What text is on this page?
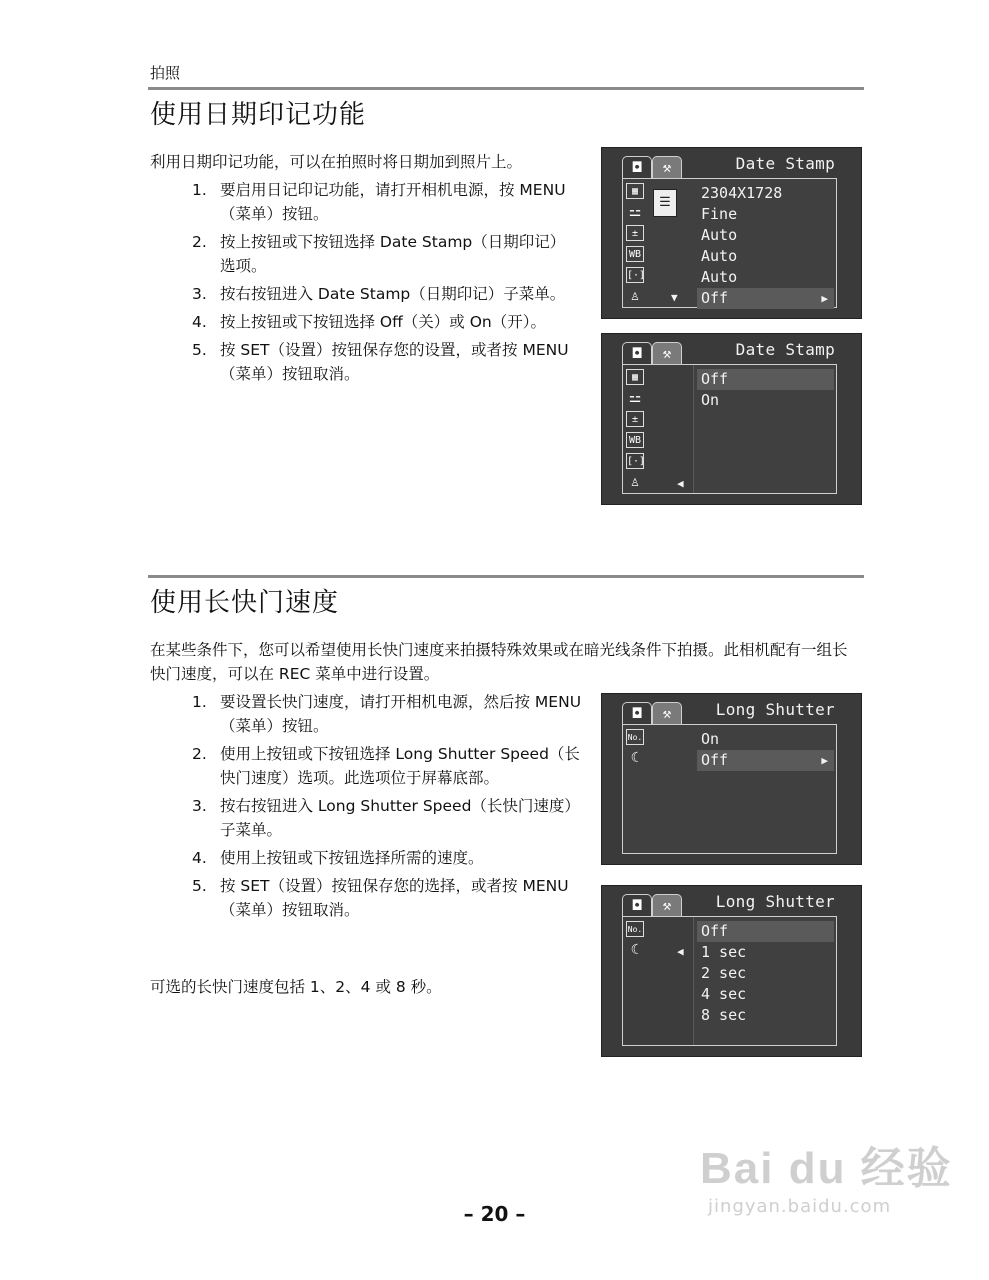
拍照
使用日期印记功能
利用日期印记功能，可以在拍照时将日期加到照片上。
1. 要启用日记印记功能，请打开相机电源，按 MENU（菜单）按钮。
2. 按上按钮或下按钮选择 Date Stamp（日期印记）选项。
3. 按右按钮进入 Date Stamp（日期印记）子菜单。
4. 按上按钮或下按钮选择 Off（关）或 On（开）。
5. 按 SET（设置）按钮保存您的设置，或者按 MENU（菜单）按钮取消。
◘	⚒	Date Stamp
▦
⚍
±
WB
[·]
♙
☰
▼
2304X1728
Fine
Auto
Auto
Auto
Off	▶
◘	⚒	Date Stamp
▦
⚍
±
WB
[·]
♙	◀
Off
On
使用长快门速度
在某些条件下，您可以希望使用长快门速度来拍摄特殊效果或在暗光线条件下拍摄。此相机配有一组长快门速度，可以在 REC 菜单中进行设置。
1. 要设置长快门速度，请打开相机电源，然后按 MENU（菜单）按钮。
2. 使用上按钮或下按钮选择 Long Shutter Speed（长快门速度）选项。此选项位于屏幕底部。
3. 按右按钮进入 Long Shutter Speed（长快门速度）子菜单。
4. 使用上按钮或下按钮选择所需的速度。
5. 按 SET（设置）按钮保存您的选择，或者按 MENU（菜单）按钮取消。
可选的长快门速度包括 1、2、4 或 8 秒。
◘	⚒	Long Shutter
No.
☾
On
Off	▶
◘	⚒	Long Shutter
No.
☾	◀
Off
1 sec
2 sec
4 sec
8 sec
Bai du 经验
jingyan.baidu.com
– 20 –
